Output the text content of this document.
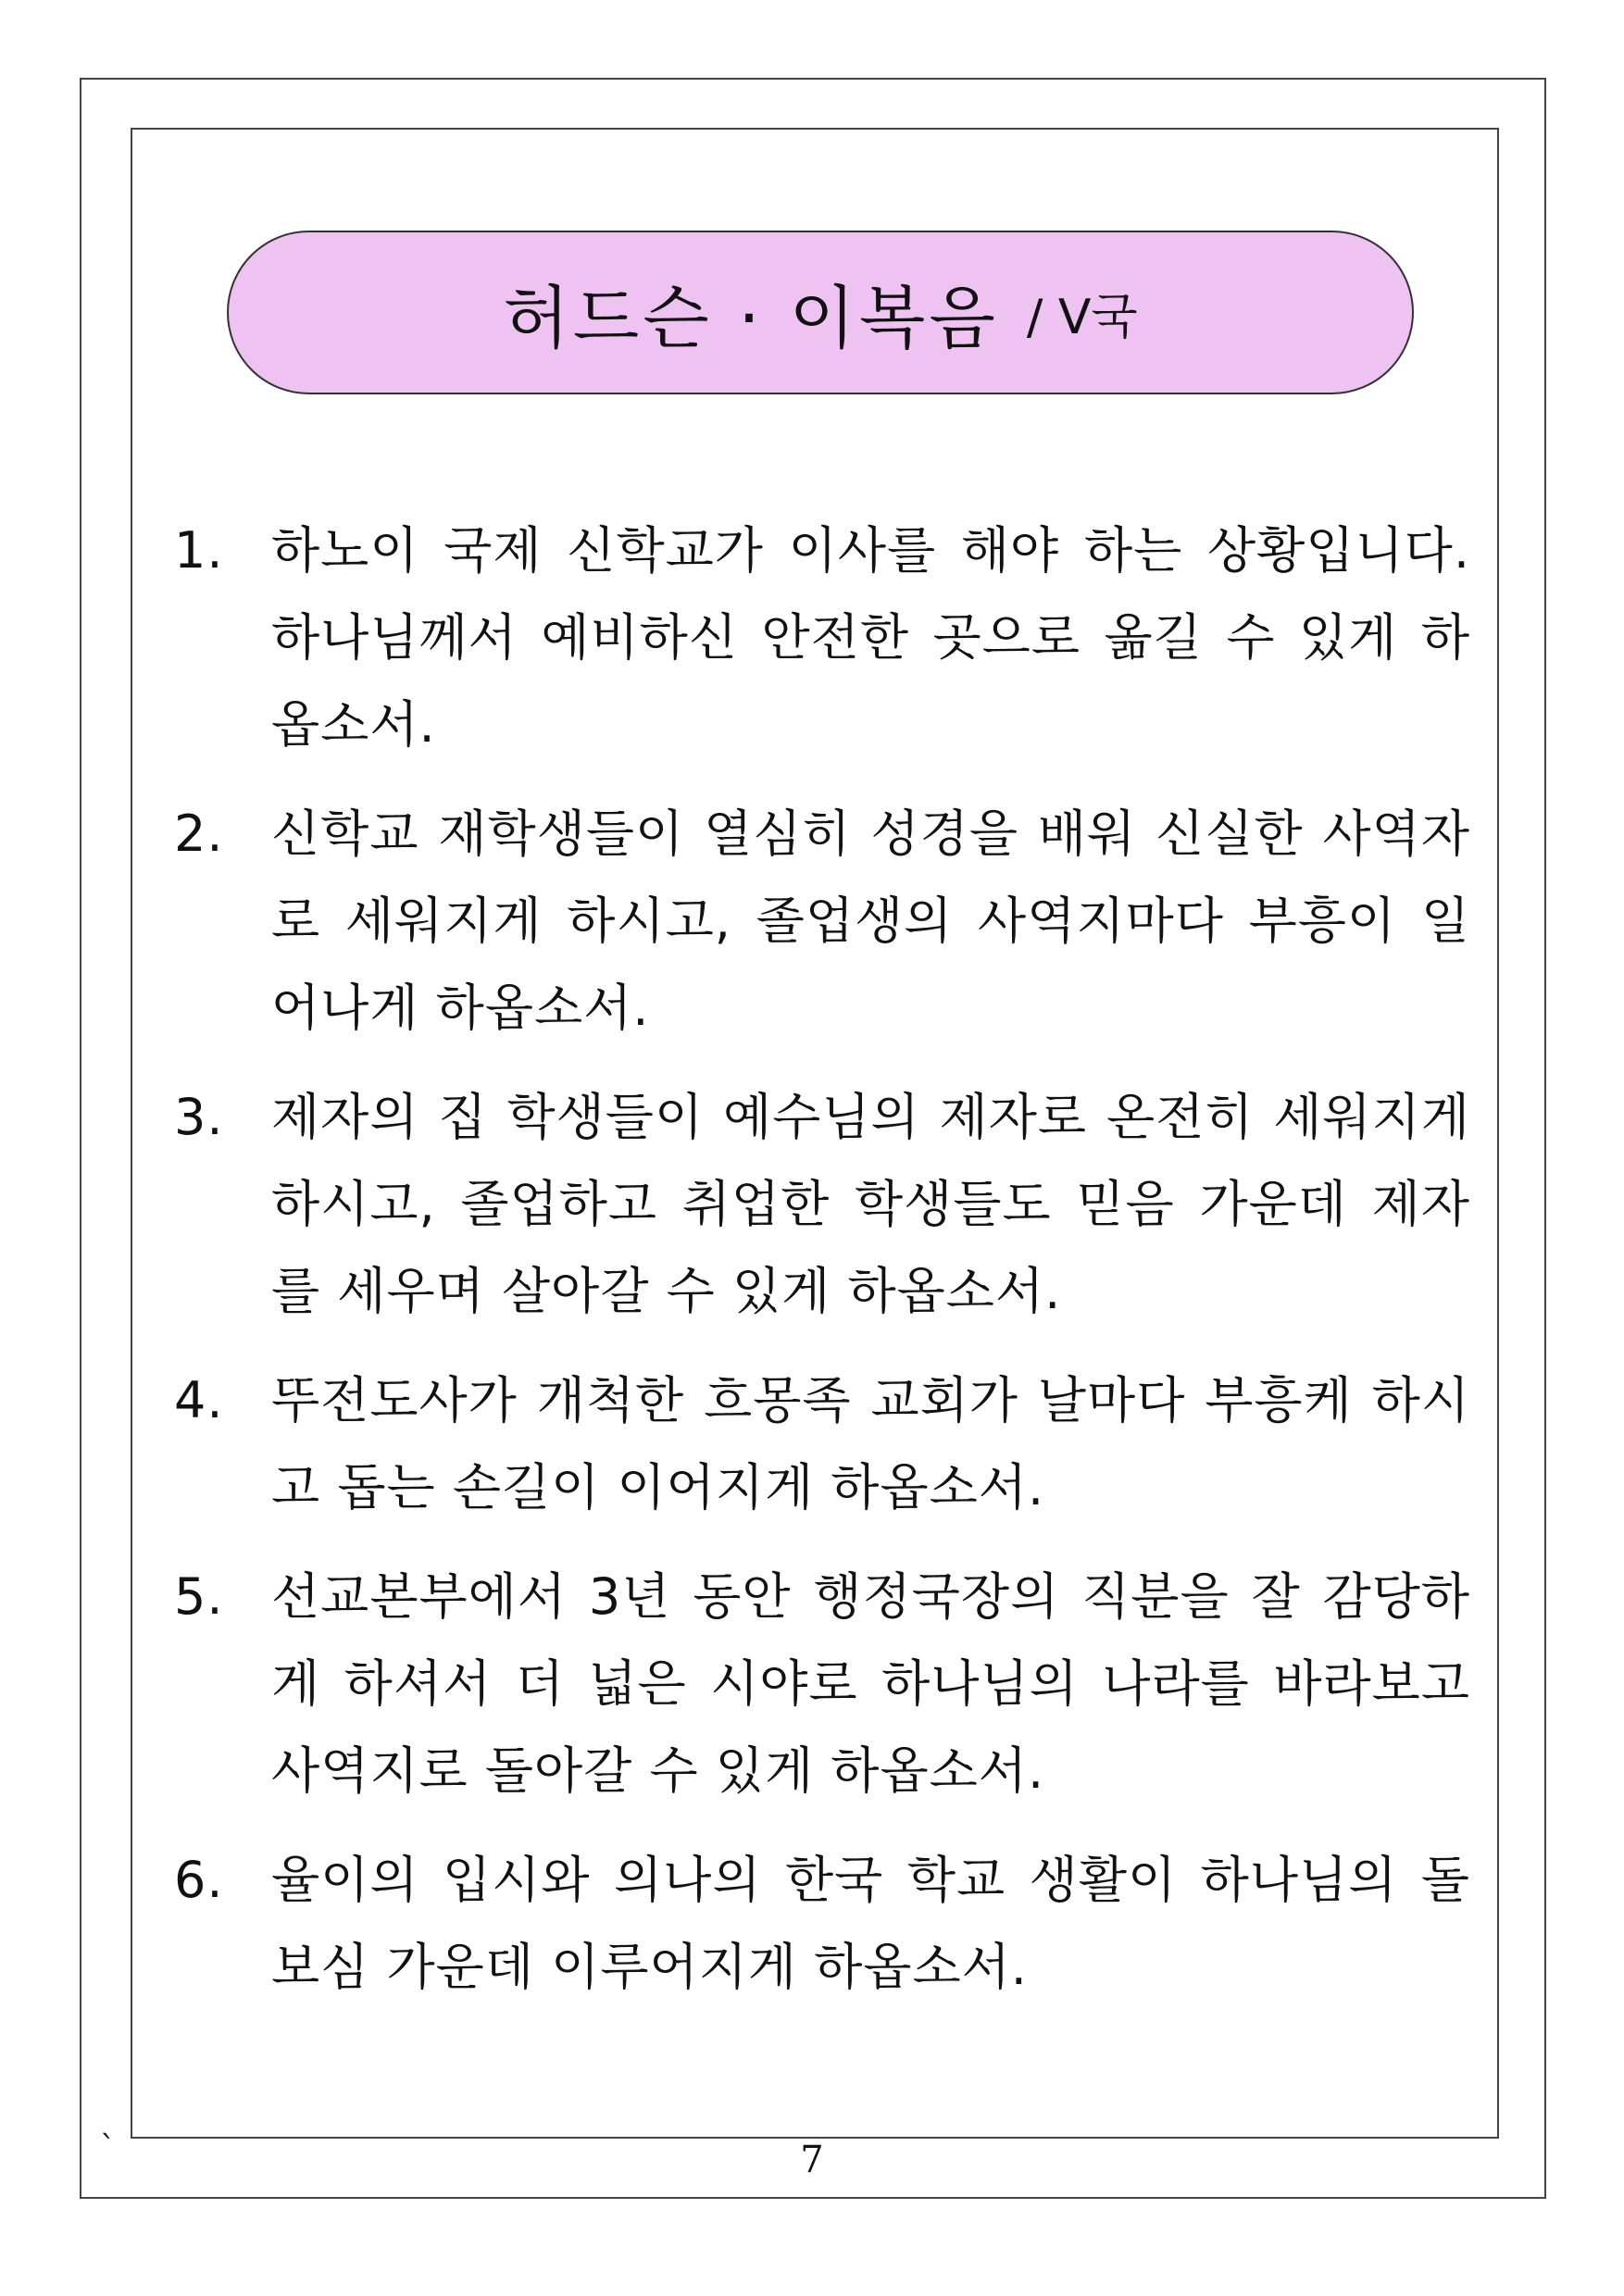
허드슨 · 이복음 / V국
1. 하노이 국제 신학교가 이사를 해야 하는 상황입니다. 하나님께서 예비하신 안전한 곳으로 옮길 수 있게 하옵소서.
2. 신학교 재학생들이 열심히 성경을 배워 신실한 사역자로 세워지게 하시고, 졸업생의 사역지마다 부흥이 일어나게 하옵소서.
3. 제자의 집 학생들이 예수님의 제자로 온전히 세워지게 하시고, 졸업하고 취업한 학생들도 믿음 가운데 제자를 세우며 살아갈 수 있게 하옵소서.
4. 뚜전도사가 개척한 흐몽족 교회가 날마다 부흥케 하시고 돕는 손길이 이어지게 하옵소서.
5. 선교본부에서 3년 동안 행정국장의 직분을 잘 감당하게 하셔서 더 넓은 시야로 하나님의 나라를 바라보고 사역지로 돌아갈 수 있게 하옵소서.
6. 율이의 입시와 의나의 한국 학교 생활이 하나님의 돌보심 가운데 이루어지게 하옵소서.
`	7
